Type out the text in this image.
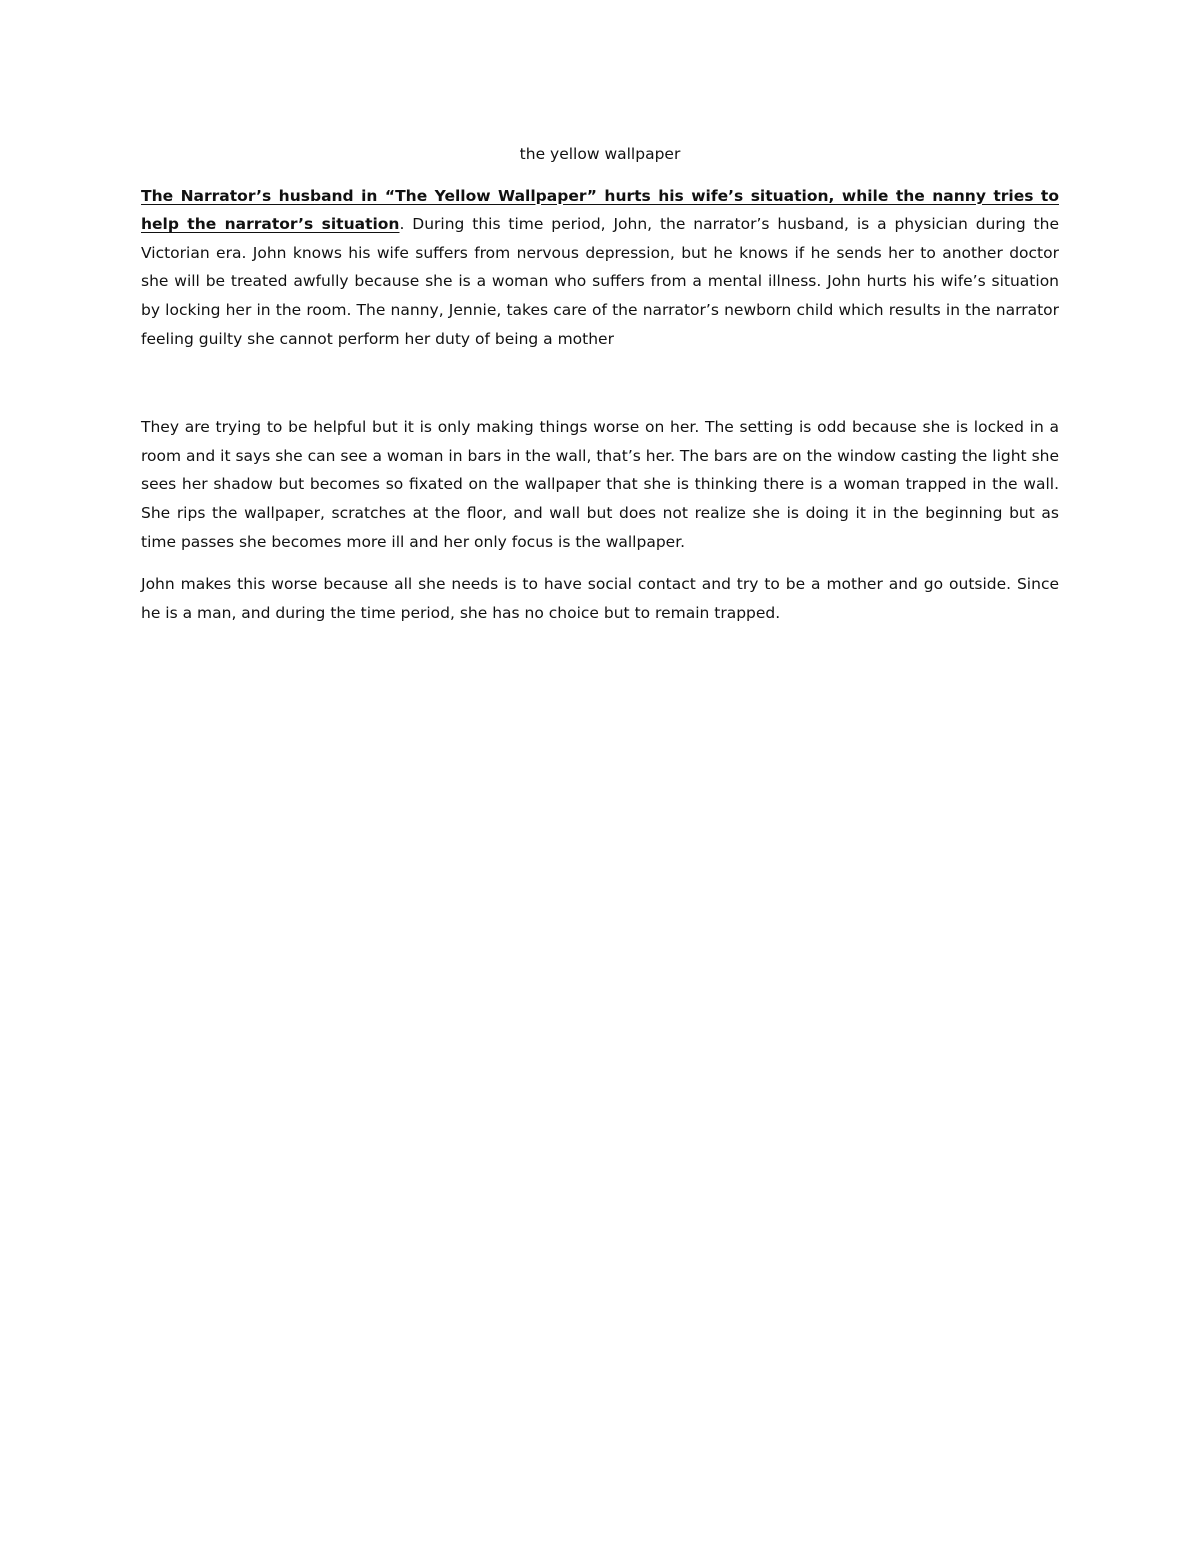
the yellow wallpaper

The Narrator’s husband in “The Yellow Wallpaper” hurts his wife’s situation, while the nanny tries to help the narrator’s situation. During this time period, John, the narrator’s husband, is a physician during the Victorian era. John knows his wife suffers from nervous depression, but he knows if he sends her to another doctor she will be treated awfully because she is a woman who suffers from a mental illness. John hurts his wife’s situation by locking her in the room. The nanny, Jennie, takes care of the narrator’s newborn child which results in the narrator feeling guilty she cannot perform her duty of being a mother

They are trying to be helpful but it is only making things worse on her. The setting is odd because she is locked in a room and it says she can see a woman in bars in the wall, that’s her. The bars are on the window casting the light she sees her shadow but becomes so fixated on the wallpaper that she is thinking there is a woman trapped in the wall. She rips the wallpaper, scratches at the floor, and wall but does not realize she is doing it in the beginning but as time passes she becomes more ill and her only focus is the wallpaper.

John makes this worse because all she needs is to have social contact and try to be a mother and go outside. Since he is a man, and during the time period, she has no choice but to remain trapped.
